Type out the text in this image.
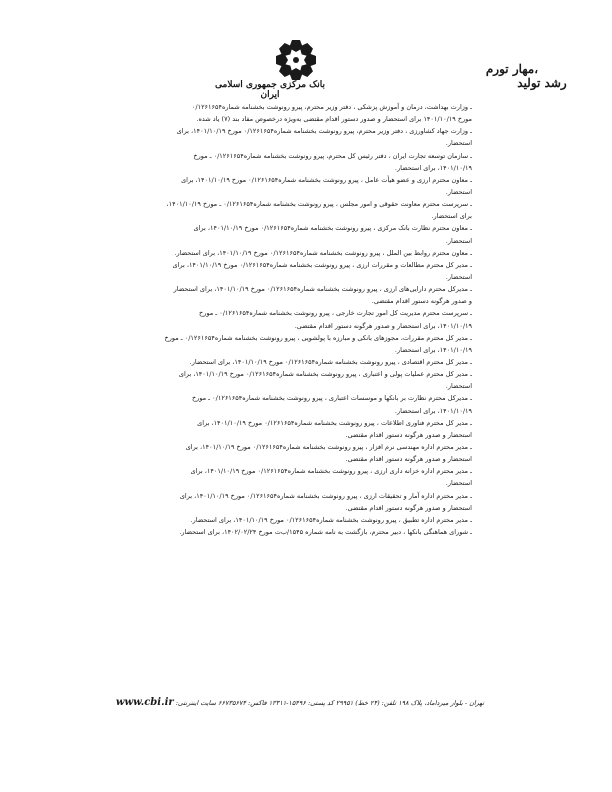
بانک مرکزی جمهوری اسلامی ایران
مهار تورم،
رشد تولید
ـ وزارت بهداشت، درمان و آموزش پزشکی ، دفتر وزیر محترم، پیرو رونوشت بخشنامه شماره۰/۱۲۶۱۶۵۴
مورخ ۱۴۰۱/۱۰/۱۹ برای استحضار و صدور دستور اقدام مقتضی به‌ویژه درخصوص مفاد بند (۷) یاد شده.
ـ وزارت جهاد کشاورزی ، دفتر وزیر محترم، پیرو رونوشت بخشنامه شماره۰/۱۲۶۱۶۵۴ مورخ ۱۴۰۱/۱۰/۱۹، برای
استحضار.
ـ سازمان توسعه تجارت ایران ، دفتر رئیس کل محترم، پیرو رونوشت بخشنامه شماره۰/۱۲۶۱۶۵۴ ـ مورخ
۱۴۰۱/۱۰/۱۹، برای استحضار.
ـ معاون محترم ارزی و عضو هیأت عامل ، پیرو رونوشت بخشنامه شماره۰/۱۲۶۱۶۵۴ مورخ ۱۴۰۱/۱۰/۱۹، برای
استحضار.
ـ سرپرست محترم معاونت حقوقی و امور مجلس ، پیرو رونوشت بخشنامه شماره۰/۱۲۶۱۶۵۴ ـ مورخ ۱۴۰۱/۱۰/۱۹،
برای استحضار.
ـ معاون محترم نظارت بانک مرکزی ، پیرو رونوشت بخشنامه شماره۰/۱۲۶۱۶۵۴ مورخ ۱۴۰۱/۱۰/۱۹، برای
استحضار.
ـ معاون محترم روابط بین الملل ، پیرو رونوشت بخشنامه شماره۰/۱۲۶۱۶۵۴ مورخ ۱۴۰۱/۱۰/۱۹، برای استحضار.
ـ مدیر کل محترم مطالعات و مقررات ارزی ، پیرو رونوشت بخشنامه شماره۰/۱۲۶۱۶۵۴ مورخ ۱۴۰۱/۱۰/۱۹، برای
استحضار.
ـ مدیرکل محترم دارایی‌های ارزی ، پیرو رونوشت بخشنامه شماره۰/۱۲۶۱۶۵۴ مورخ ۱۴۰۱/۱۰/۱۹، برای استحضار
و صدور هرگونه دستور اقدام مقتضی.
ـ سرپرست محترم مدیریت کل امور تجارت خارجی ، پیرو رونوشت بخشنامه شماره۰/۱۲۶۱۶۵۴ ـ مورخ
۱۴۰۱/۱۰/۱۹، برای استحضار و صدور هرگونه دستور اقدام مقتضی.
ـ مدیر کل محترم مقررات، مجوزهای بانکی و مبارزه با پولشویی ، پیرو رونوشت بخشنامه شماره۰/۱۲۶۱۶۵۴ ـ مورخ
۱۴۰۱/۱۰/۱۹، برای استحضار.
ـ مدیر کل محترم اقتصادی ، پیرو رونوشت بخشنامه شماره۰/۱۲۶۱۶۵۴ مورخ ۱۴۰۱/۱۰/۱۹، برای استحضار.
ـ مدیر کل محترم عملیات پولی و اعتباری ، پیرو رونوشت بخشنامه شماره۰/۱۲۶۱۶۵۴ مورخ ۱۴۰۱/۱۰/۱۹، برای
استحضار.
ـ مدیرکل محترم نظارت بر بانکها و موسسات اعتباری ، پیرو رونوشت بخشنامه شماره۰/۱۲۶۱۶۵۴ ـ مورخ
۱۴۰۱/۱۰/۱۹، برای استحضار.
ـ مدیر کل محترم فناوری اطلاعات ، پیرو رونوشت بخشنامه شماره۰/۱۲۶۱۶۵۴ مورخ ۱۴۰۱/۱۰/۱۹، برای
استحضار و صدور هرگونه دستور اقدام مقتضی.
ـ مدیر محترم اداره مهندسی نرم افزار ، پیرو رونوشت بخشنامه شماره۰/۱۲۶۱۶۵۴ مورخ ۱۴۰۱/۱۰/۱۹، برای
استحضار و صدور هرگونه دستور اقدام مقتضی.
ـ مدیر محترم اداره خزانه داری ارزی ، پیرو رونوشت بخشنامه شماره۰/۱۲۶۱۶۵۴ مورخ ۱۴۰۱/۱۰/۱۹، برای
استحضار.
ـ مدیر محترم اداره آمار و تحقیقات ارزی ، پیرو رونوشت بخشنامه شماره۰/۱۲۶۱۶۵۴ مورخ ۱۴۰۱/۱۰/۱۹، برای
استحضار و صدور هرگونه دستور اقدام مقتضی.
ـ مدیر محترم اداره تطبیق ، پیرو رونوشت بخشنامه شماره۰/۱۲۶۱۶۵۴ مورخ ۱۴۰۱/۱۰/۱۹، برای استحضار.
ـ شورای هماهنگی بانکها ، دبیر محترم، بازگشت به نامه شماره ۱۵۴۵/ب‌ت مورخ ۱۴۰۲/۰۲/۲۴، برای استحضار.
تهران - بلوار میرداماد، پلاک ۱۹۸ تلفن: (۲۴ خط) ۲۹۹۵۱ کد پستی: ۱۵۴۹۶-۱۳۳۱۱ فاکس: ۶۶۷۳۵۶۷۴ سایت اینترنتی: www.cbi.ir
